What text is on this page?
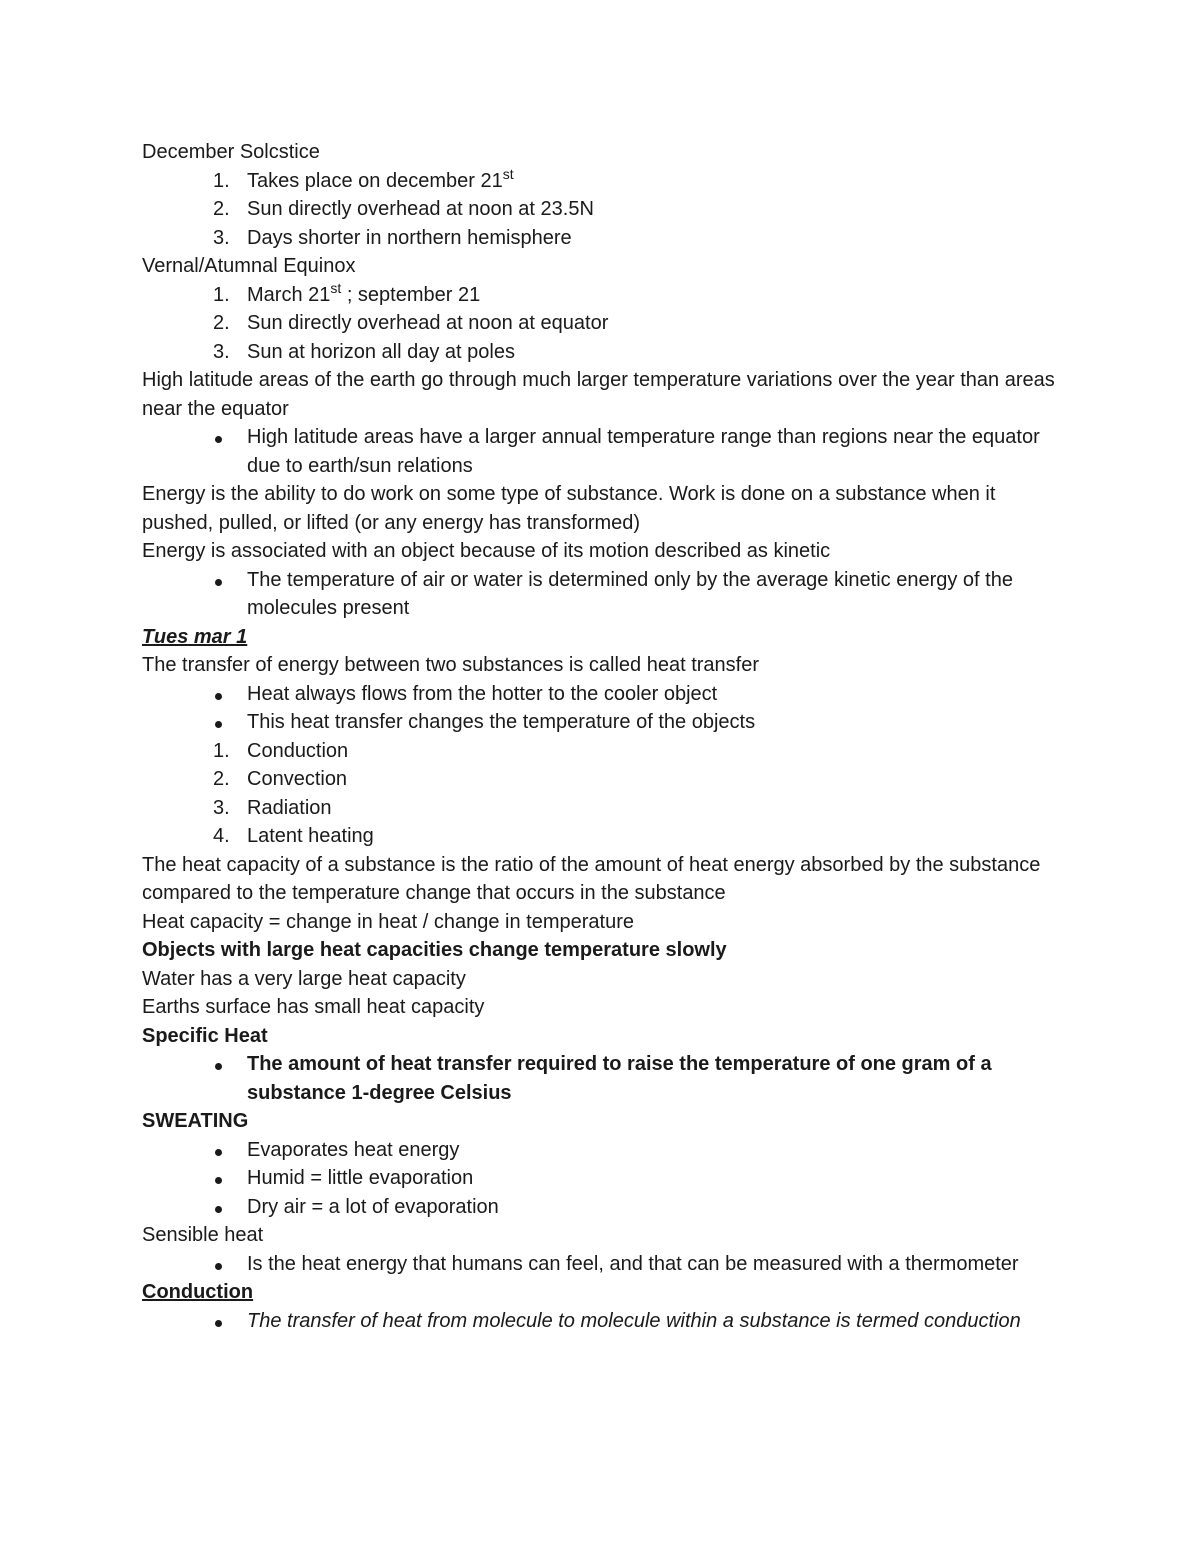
December Solcstice

1. Takes place on december 21st
2. Sun directly overhead at noon at 23.5N
3. Days shorter in northern hemisphere

Vernal/Atumnal Equinox

1. March 21st ; september 21
2. Sun directly overhead at noon at equator
3. Sun at horizon all day at poles

High latitude areas of the earth go through much larger temperature variations over the year than areas near the equator

High latitude areas have a larger annual temperature range than regions near the equator due to earth/sun relations

Energy is the ability to do work on some type of substance. Work is done on a substance when it pushed, pulled, or lifted (or any energy has transformed)

Energy is associated with an object because of its motion described as kinetic

The temperature of air or water is determined only by the average kinetic energy of the molecules present

Tues mar 1

The transfer of energy between two substances is called heat transfer

Heat always flows from the hotter to the cooler object
This heat transfer changes the temperature of the objects
1. Conduction
2. Convection
3. Radiation
4. Latent heating

The heat capacity of a substance is the ratio of the amount of heat energy absorbed by the substance compared to the temperature change that occurs in the substance

Heat capacity = change in heat / change in temperature

Objects with large heat capacities change temperature slowly

Water has a very large heat capacity

Earths surface has small heat capacity

Specific Heat

The amount of heat transfer required to raise the temperature of one gram of a substance 1-degree Celsius

SWEATING

Evaporates heat energy
Humid = little evaporation
Dry air = a lot of evaporation

Sensible heat

Is the heat energy that humans can feel, and that can be measured with a thermometer

Conduction

The transfer of heat from molecule to molecule within a substance is termed conduction
